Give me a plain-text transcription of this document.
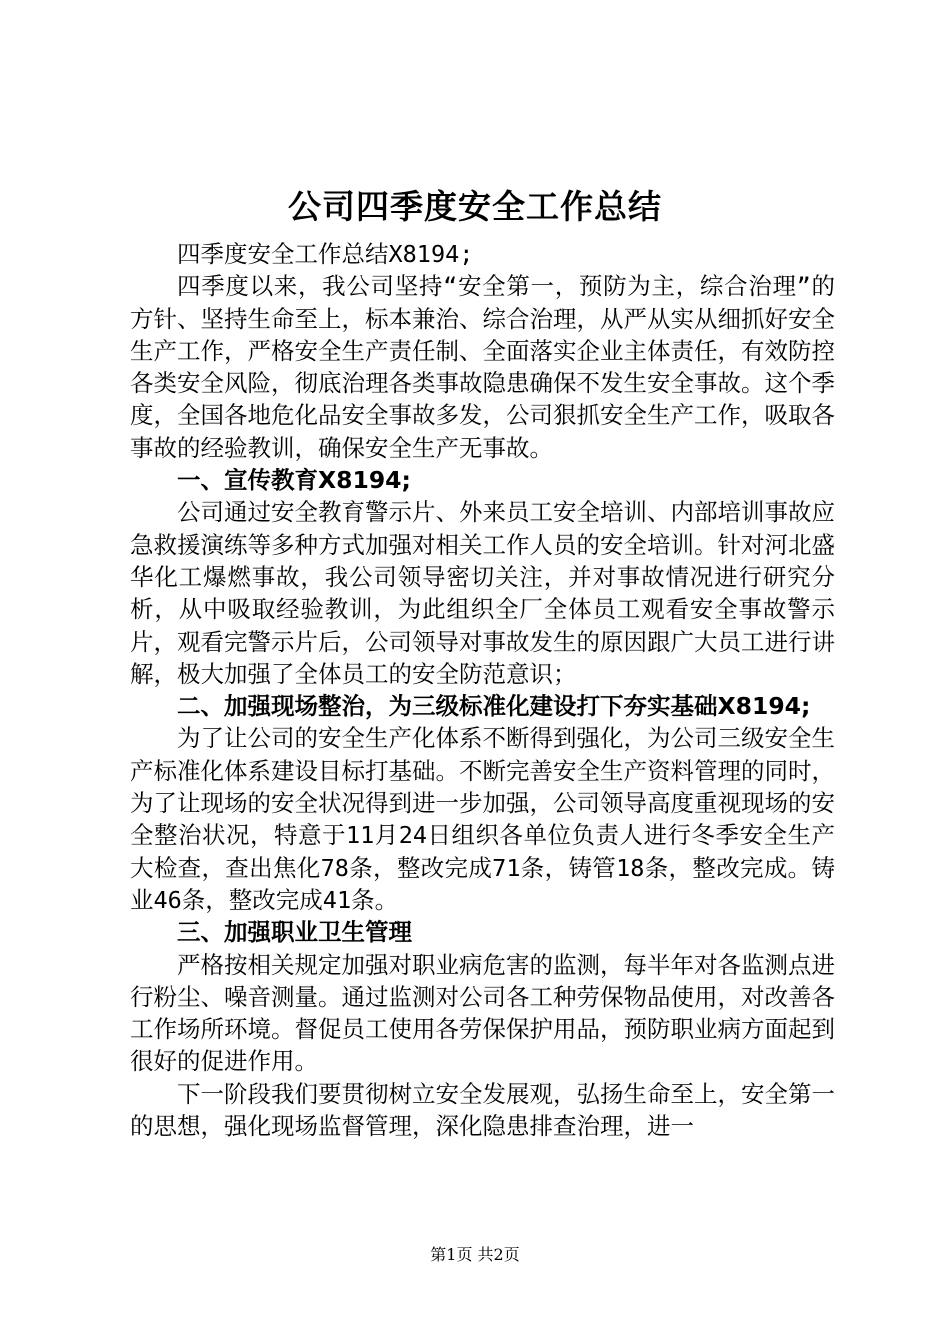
公司四季度安全工作总结

四季度安全工作总结X8194;

四季度以来，我公司坚持“安全第一，预防为主，综合治理”的方针、坚持生命至上，标本兼治、综合治理，从严从实从细抓好安全生产工作，严格安全生产责任制、全面落实企业主体责任，有效防控各类安全风险，彻底治理各类事故隐患确保不发生安全事故。这个季度，全国各地危化品安全事故多发，公司狠抓安全生产工作，吸取各事故的经验教训，确保安全生产无事故。

一、宣传教育X8194;

公司通过安全教育警示片、外来员工安全培训、内部培训事故应急救援演练等多种方式加强对相关工作人员的安全培训。针对河北盛华化工爆燃事故，我公司领导密切关注，并对事故情况进行研究分析，从中吸取经验教训，为此组织全厂全体员工观看安全事故警示片，观看完警示片后，公司领导对事故发生的原因跟广大员工进行讲解，极大加强了全体员工的安全防范意识；

二、加强现场整治，为三级标准化建设打下夯实基础X8194;

为了让公司的安全生产化体系不断得到强化，为公司三级安全生产标准化体系建设目标打基础。不断完善安全生产资料管理的同时，为了让现场的安全状况得到进一步加强，公司领导高度重视现场的安全整治状况，特意于11月24日组织各单位负责人进行冬季安全生产大检查，查出焦化78条，整改完成71条，铸管18条，整改完成。铸业46条，整改完成41条。

三、加强职业卫生管理

严格按相关规定加强对职业病危害的监测，每半年对各监测点进行粉尘、噪音测量。通过监测对公司各工种劳保物品使用，对改善各工作场所环境。督促员工使用各劳保保护用品，预防职业病方面起到很好的促进作用。

下一阶段我们要贯彻树立安全发展观，弘扬生命至上，安全第一的思想，强化现场监督管理，深化隐患排查治理，进一

第1页 共2页
